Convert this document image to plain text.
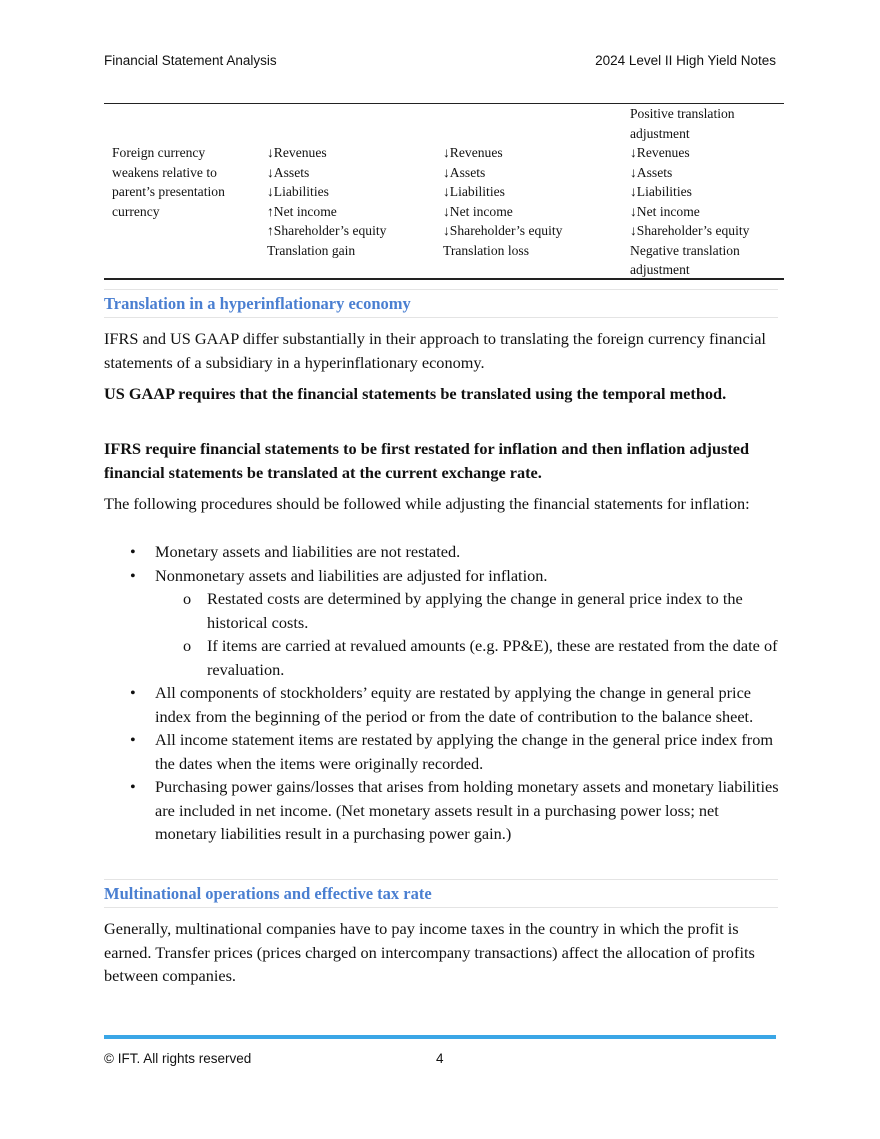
Financial Statement Analysis	2024 Level II High Yield Notes
Foreign currency
weakens relative to
parent’s presentation
currency
↓Revenues
↓Assets
↓Liabilities
↑Net income
↑Shareholder’s equity
Translation gain
↓Revenues
↓Assets
↓Liabilities
↓Net income
↓Shareholder’s equity
Translation loss
Positive translation
adjustment
↓Revenues
↓Assets
↓Liabilities
↓Net income
↓Shareholder’s equity
Negative translation
adjustment
Translation in a hyperinflationary economy
IFRS and US GAAP differ substantially in their approach to translating the foreign currency financial statements of a subsidiary in a hyperinflationary economy.
US GAAP requires that the financial statements be translated using the temporal method.
IFRS require financial statements to be first restated for inflation and then inflation adjusted financial statements be translated at the current exchange rate.
The following procedures should be followed while adjusting the financial statements for inflation:
• Monetary assets and liabilities are not restated.
• Nonmonetary assets and liabilities are adjusted for inflation.
o Restated costs are determined by applying the change in general price index to the historical costs.
o If items are carried at revalued amounts (e.g. PP&E), these are restated from the date of revaluation.
• All components of stockholders’ equity are restated by applying the change in general price index from the beginning of the period or from the date of contribution to the balance sheet.
• All income statement items are restated by applying the change in the general price index from the dates when the items were originally recorded.
• Purchasing power gains/losses that arises from holding monetary assets and monetary liabilities are included in net income. (Net monetary assets result in a purchasing power loss; net monetary liabilities result in a purchasing power gain.)
Multinational operations and effective tax rate
Generally, multinational companies have to pay income taxes in the country in which the profit is earned. Transfer prices (prices charged on intercompany transactions) affect the allocation of profits between companies.
© IFT. All rights reserved	4
